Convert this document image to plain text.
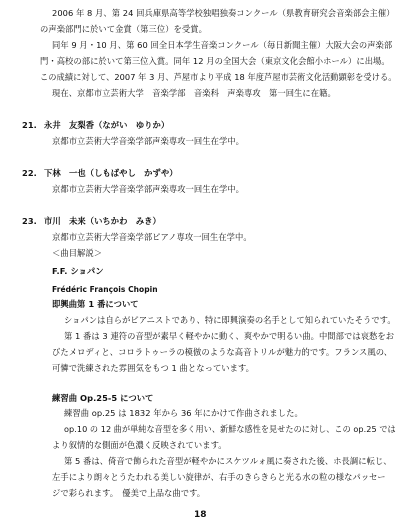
2006 年 8 月、第 24 回兵庫県高等学校独唱独奏コンクール（県教育研究会音楽部会主催）
の声楽部門に於いて金賞（第三位）を受賞。
同年 9 月・10 月、第 60 回全日本学生音楽コンクール（毎日新聞主催）大阪大会の声楽部
門・高校の部に於いて第三位入賞。同年 12 月の全国大会（東京文化会館小ホール）に出場。
この成績に対して、2007 年 3 月、芦屋市より平成 18 年度芦屋市芸術文化活動顕彰を受ける。
現在、京都市立芸術大学　音楽学部　音楽科　声楽専攻　第一回生に在籍。
21. 永井　友梨香（ながい　ゆりか）
京都市立芸術大学音楽学部声楽専攻一回生在学中。
22. 下林　一也（しもばやし　かずや）
京都市立芸術大学音楽学部声楽専攻一回生在学中。
23. 市川　未来（いちかわ　みき）
京都市立芸術大学音楽学部ピアノ専攻一回生在学中。
＜曲目解説＞
F.F. ショパン
Frédéric François Chopin
即興曲第 1 番について
ショパンは自らがピアニストであり、特に即興演奏の名手として知られていたそうです。
第 1 番は 3 連符の音型が素早く軽やかに動く、爽やかで明るい曲。中間部では哀愁をお
びたメロディと、コロラトゥーラの模倣のような高音トリルが魅力的です。フランス風の、
可憐で洗練された雰囲気をもつ 1 曲となっています。
練習曲 Op.25-5 について
練習曲 op.25 は 1832 年から 36 年にかけて作曲されました。
op.10 の 12 曲が単純な音型を多く用い、新鮮な感性を見せたのに対し、この op.25 では
より叙情的な側面が色濃く反映されています。
第 5 番は、倚音で飾られた音型が軽やかにスケツルォ風に奏された後、ホ長調に転じ、
左手により朗々とうたわれる美しい旋律が、右手のきらきらと光る水の粒の様なパッセー
ジで彩られます。　優美で上品な曲です。
18
